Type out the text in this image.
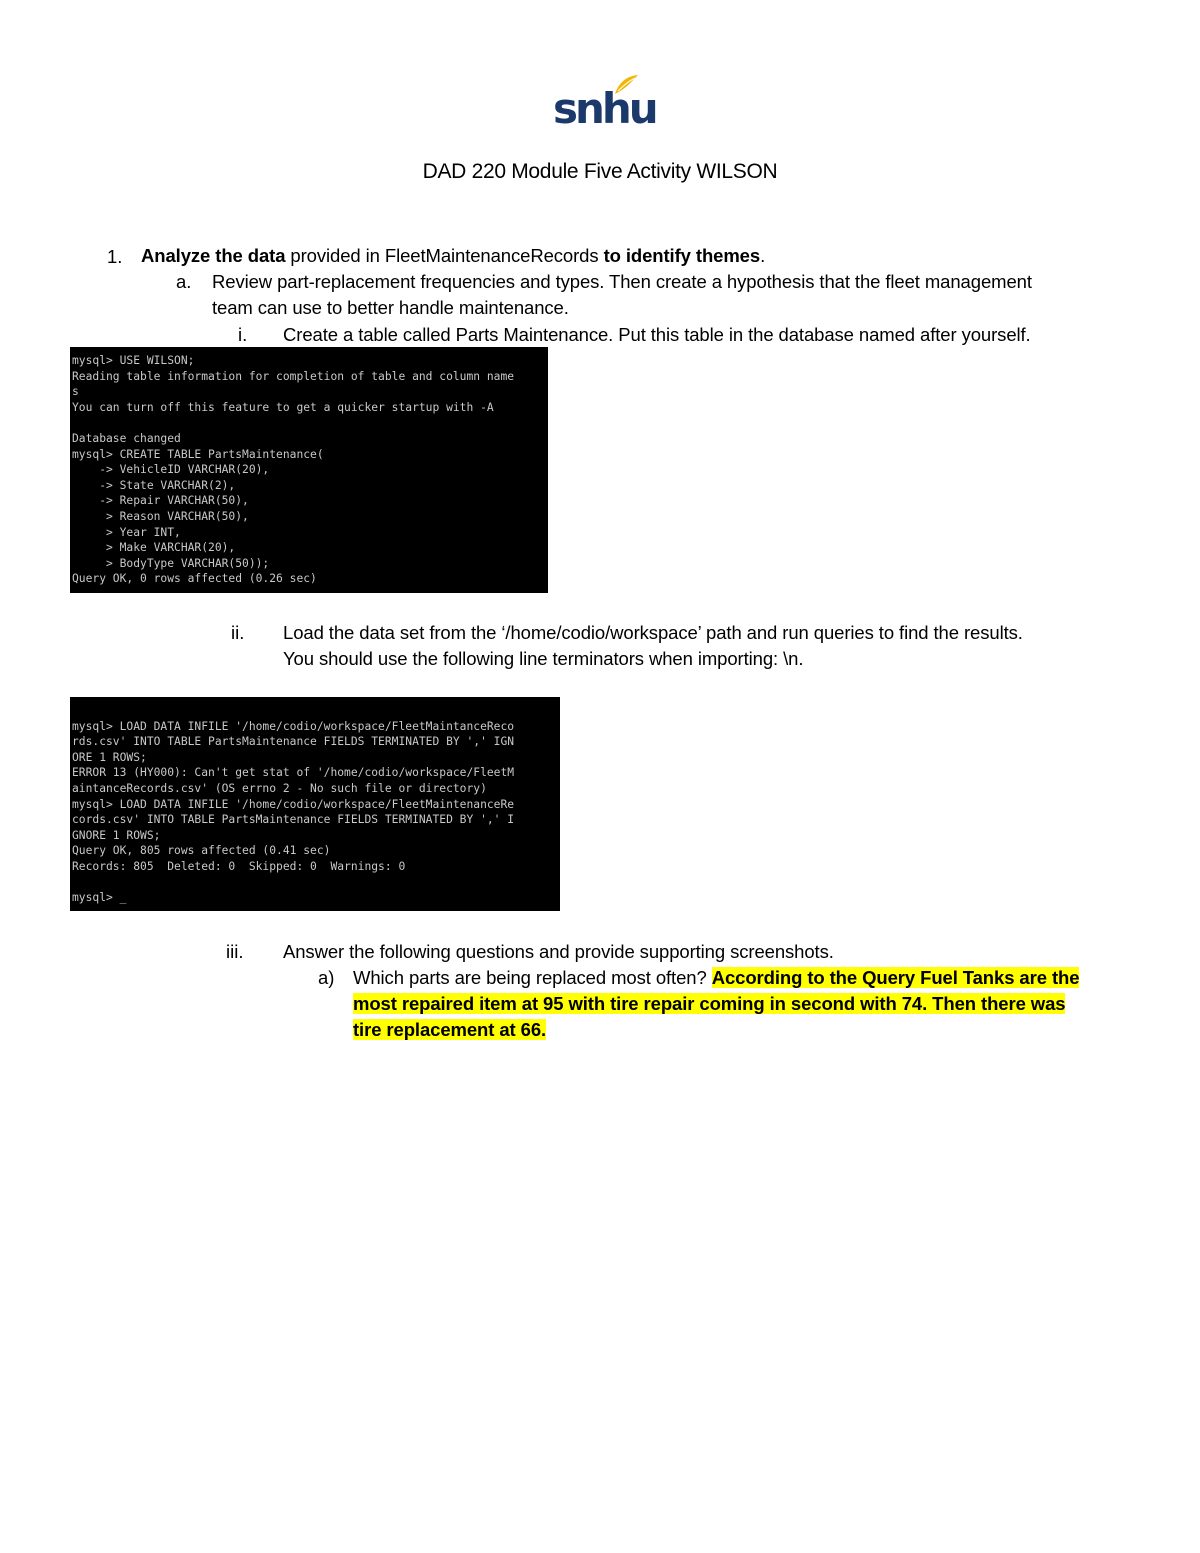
snhu
DAD 220 Module Five Activity WILSON
1. Analyze the data provided in FleetMaintenanceRecords to identify themes.
a. Review part-replacement frequencies and types. Then create a hypothesis that the fleet management
team can use to better handle maintenance.
i. Create a table called Parts Maintenance. Put this table in the database named after yourself.
mysql> USE WILSON;
Reading table information for completion of table and column name
s
You can turn off this feature to get a quicker startup with -A
Database changed
mysql> CREATE TABLE PartsMaintenance(
-> VehicleID VARCHAR(20),
-> State VARCHAR(2),
-> Repair VARCHAR(50),
> Reason VARCHAR(50),
> Year INT,
> Make VARCHAR(20),
> BodyType VARCHAR(50));
Query OK, 0 rows affected (0.26 sec)
ii. Load the data set from the ‘/home/codio/workspace’ path and run queries to find the results.
You should use the following line terminators when importing: \n.
mysql> LOAD DATA INFILE '/home/codio/workspace/FleetMaintanceReco
rds.csv' INTO TABLE PartsMaintenance FIELDS TERMINATED BY ',' IGN
ORE 1 ROWS;
ERROR 13 (HY000): Can't get stat of '/home/codio/workspace/FleetM
aintanceRecords.csv' (OS errno 2 - No such file or directory)
mysql> LOAD DATA INFILE '/home/codio/workspace/FleetMaintenanceRe
cords.csv' INTO TABLE PartsMaintenance FIELDS TERMINATED BY ',' I
GNORE 1 ROWS;
Query OK, 805 rows affected (0.41 sec)
Records: 805  Deleted: 0  Skipped: 0  Warnings: 0
mysql> _
iii. Answer the following questions and provide supporting screenshots.
a) Which parts are being replaced most often? According to the Query Fuel Tanks are the
most repaired item at 95 with tire repair coming in second with 74. Then there was
tire replacement at 66.
